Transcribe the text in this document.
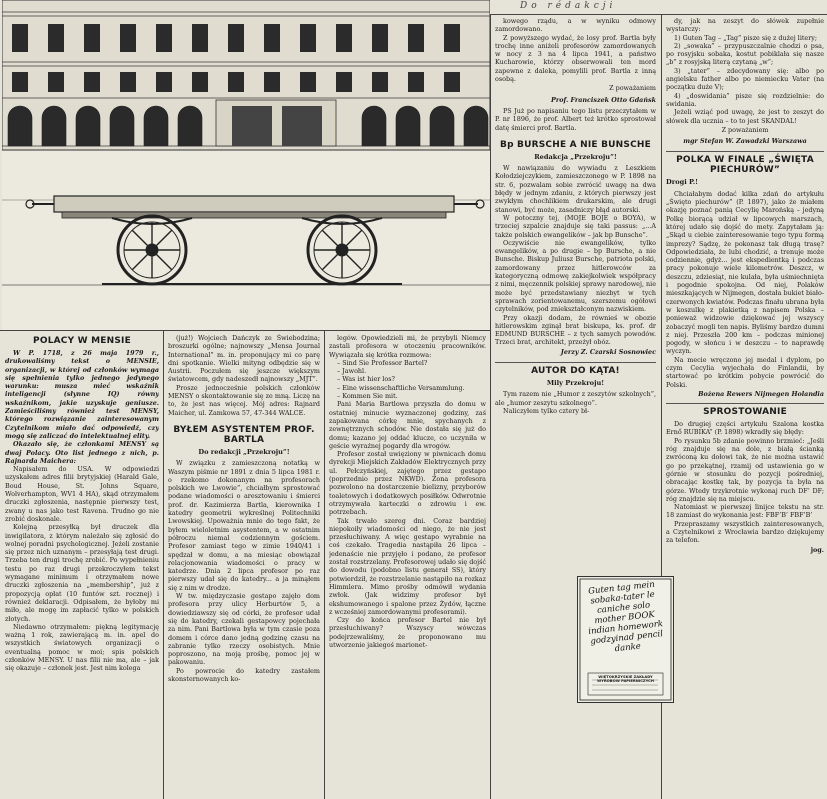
Do rédakcji
POLACY W MENSIE

W P. 1718, z 26 maja 1979 r., drukowaliśmy tekst o MENSIE, organizacji, w której od członków wymaga się spełnienia tylko jednego jedynego warunku: musza mieć wskaźnik inteligencji (słynne IQ) równy wskaźnikom, jakie uzyskuje geniusze. Zamieściliśmy również test MENSY, którego rozwiązanie zainteresowanym Czytelnikom miało dać odpowiedź, czy mogą się zaliczać do intelektualnej elity.

Okazało się, że członkami MENSY są dwaj Polacy. Oto list jednego z nich, p. Rajnarda Maichera:

Napisałem do USA. W odpowiedzi uzyskałem adres filii brytyjskiej (Harald Gale, Boud House, St. Johns Square, Wolverhampton, WV1 4 HA), skąd otrzymałem druczki zgłoszenia, następnie pierwszy test, zwany u nas jako test Ravena. Trudno go nie zrobić doskonale.

Kolejną przesyłką był druczek dla inwigilatora, z którym należało się zgłosić do wolnej poradni psychologicznej. Jeżeli zostanie się przez nich uznanym – przesyłają test drugi. Trzeba ten drugi trochę zrobić. Po wypełnieniu testu po raz drugi przekroczyłem tekst wymagane minimum i otrzymałem nowe druczki zgłoszenia na „membership”, już z propozycją opłat (10 funtów szt. rocznej) i również deklaracji. Odpisałem, że byłoby mi miło, ale mogę im zapłacić tylko w polskich złotych.

Niedawno otrzymałem: piękną legitymację ważną 1 rok, zawierającą m. in. apel do wszystkich światowych organizacji o eventualną pomoc w moi; spis polskich członków MENSY. U nas filii nie ma, ale – jak się okazuje – członek jest. Jest nim kolega

(już!) Wojciech Dańczyk ze Świebodzina; broszurki ogólne; najnowszy „Mensa Journal International” m. in. proponujący mi co parę dni spotkanie. Wielki mityng odbędzie się w Austrii. Poczułem się jeszcze większym światowcem, gdy nadeszedł najnowszy „MJT”.

Prosze jednocześnie polskich członków MENSY o skontaktowanie się ze mną. Liczę na to, że jest nas więcej. Mój adres: Rajnard Maicher, ul. Zamkowa 57, 47-344 WALCE.

BYŁEM ASYSTENTEM PROF. BARTLA
Do redakcji „Przekroju”!

W związku z zamieszczoną notatką w Waszym piśmie nr 1891 z dnia 5 lipca 1981 r. o rzekomo dokonanym na profesorach polskich we Lwowie”, chciałbym sprostować podane wiadomości o aresztowaniu i śmierci prof. dr. Kazimierza Bartla, kierownika I katedry geometrii wykreślnej Politechniki Lwowskiej. Upoważnia mnie do tego fakt, że byłem wieloletnim asystentem, a w ostatnim półroczu niemal codziennym gościem. Profesor zamiast tego w zimie 1940/41 i spędzał w domu, a na miesiąc obowiązał relacjonowania wiadomości o pracy w katedrze. Dnia 2 lipca profesor po raz pierwszy udał się do katedry... a ja minąłem się z nim w drodze.

W tw. międzyczasie gestapo zajęło dom profesora przy ulicy Herburtów 5, a dowiedziawszy się od córki, że profesor udał się do katedry, czekali gestapowcy pojechała za nim. Pani Bartlowa była w tym czasie poza domem i córce dano jedną godzinę czasu na zabranie tylko rzeczy osobistych. Mnie poproszono, na moją prośbę, pomoc jej w pakowaniu.

Po powrocie do katedry zastałem skonsternowanych ko-

legów. Opowiedzieli mi, że przybyli Niemcy zastali profesora w otoczeniu pracowników. Wywiązała się krótka rozmowa:

– Sind Sie Professor Bartel?

– Jawohl.

– Was ist hier los?

– Eine wissenschaftliche Versammlung.

– Kommen Sie mit.

Pani Maria Bartlowa przyszła do domu w ostatniej minucie wyznaczonej godziny, zaś zapakowana córkę mnie, spychanych z zewnętrznych schodów. Nie dostała się już do domu; kazano jej oddać klucze, co uczyniła w geście wyraźnej pogardy dla wrogów.

Profesor został uwięziony w piwnicach domu dyrekcji Miejskich Zakładów Elektrycznych przy ul. Pełczyńskiej, zajętego przez gestapo (poprzednio przez NKWD). Żona profesora pozwolono na dostarczenie bielizny, przyborów toaletowych i dodatkowych posiłków. Odwrotnie otrzymywała karteczki o zdrowiu i ew. potrzebach.

Tak trwało szereg dni. Coraz bardziej niepokoiły wiadomości od niego, że nie jest przesłuchiwany. A więc gestapo wyrabnie na coś czekało. Tragedia nastąpiła 26 lipca – jedenaście nie przyjęło i podano, że profesor został rozstrzelany. Profesorowej udało się dojść do dowodu (podobno listu generał SS), który potwierdził, że rozstrzelanie nastąpiło na rozkaz Himmlera. Mimo prośby odmówił wydania zwłok. (Jak widzimy profesor był ekshumowanego i spalone przez Żydów, łączne z wcześniej zamordowanymi profesorami).

Czy do końca profesor Bartel nie był przesłuchiwany? Wszyscy wówczas podejrzewaliśmy, że proponowano mu utworzenie jakiegoś marionet-

kowego rządu, a w wyniku odmowy zamordowano.

Z powyższego wydać, że losy prof. Bartla były trochę inne aniżeli profesorów zamordowanych w nocy z 3 na 4 lipca 1941, a państwo Kucharowie, którzy obserwowali ten mord zapewne z daleka, pomylili prof. Bartla z inną osobą.

Z poważaniem
Prof. Franciszek Otto Gdańsk

PS Już po napisaniu tego listu przeczytałem w P. nr 1896, że prof. Albert też krótko sprostował datę śmierci prof. Bartla.

Bp BURSCHE A NIE BUNSCHE
Redakcja „Przekroju”!

W nawiązaniu do wywiadu z Leszkiem Kołodziejczykiem, zamieszczonego w P. 1898 na str. 6, pozwalam sobie zwrócić uwagę na dwa błędy w jednym zdaniu, z których pierwszy jest zwykłym chochlikiem drukarskim, ale drugi stanowi, być może, zasadniczy błąd autorski.

W potoczny tej, (MOJE BOJE o BOYA), w trzeciej szpalcie znajduje się taki passus: „...A także polskich ewangelików – jak bp Bunsche”.

Oczywiście nie ewangelików, tylko ewangelików, a po drugie – bp Bursche, a nie Bunsche. Biskup Juliusz Bursche, patriota polski, zamordowany przez hitlerowców za kategoryczną odmowę zakiejkolwiek współpracy z nimi, męczennik polskiej sprawy narodowej, nie może być przedstawiany niezbyt w tych sprawach zorientowanemu, szerszemu ogółowi czytelników, pod zniekształconym nazwiskiem.

Przy okazji dodam, że równieś w obozie hitlerowskim zginął brat biskupa, ks. prof. dr EDMUND BURSCHE – z tych samych powodów. Trzeci brat, architekt, przeżył obóz.

Jerzy Z. Czarski Sosnowiec
AUTOR DO KĄTA!
Mily Przekroju!

Tym razem nie „Humor z zeszytów szkolnych”, ale „humor zeszytu szkolnego”.

Naliczyłem tylko cztery bł-

Guten tag mein sobaka-tater le caniche solo mother BOOK indian homework godzyinad pencil danke
WIĘTOKRZYSKIE ZAKŁADY WYROBÓW PAPIERNICZYCH

dy, jak na zeszyt do słówek zupełnie wystarczy:

1) Guten Tag – „Tag” pisze się z dużej litery;

2) „sowaka” – przypuszczalnie chodzi o psa, po rosyjsku sobaka, kostut pobiklała się nasze „b” z rosyjską literą czytaną „w”;

3) „tater” – zdecydowany się: albo po angielsku father albo po niemiecku Vater (na początku duże V);

4) „doswidania” pisze się rozdzielnie: do swidania.

Jeżeli wziąć pod uwagę, że jest to zeszyt do słówek dla ucznia – to to jest SKANDAL!

Z poważaniem
mgr Stefan W. Zawadzki Warszawa
POLKA W FINALE „ŚWIĘTA PIECHURÓW”
Drogi P.!

Chciałabym dodać kilka zdań do artykułu „Święto piechurów” (P. 1897), jako że miałem okazję poznać panią Cecylię Marońską – jedyną Polkę biorącą udział w lipcowych marszach, której udało się dojść do mety. Zapytałam ją: „Skąd u ciebie zainteresowanie tego typu formą imprezy? Sądzę, że pokonasz tak długą trasę? Odpowiedziała, że lubi chodzić, a trenuje może codziennie, gdyż... jest ekspedientką i podczas pracy pokonuje wiele kilometrów. Deszcz, w deszczu, zdziesiąt, nie kulała, była uśmiechnięta i pogodnie spokojna. Od niej, Polaków mieszkających w Nijmegen, dostała bukiet biało-czerwonych kwiatów. Podczas finału ubrana była w koszulkę z plakietką z napisem Polska – ponieważ widzowie dziękować jej wszyscy zobaczyć mogli ten napis. Byliśmy bardzo dumni z niej. Przeszła 200 km – podczas minionej pogody, w słońcu i w deszczu – to naprawdę wyczyn.

Na mecie wręczono jej medal i dyplom, po czym Cecylia wyjechała do Finlandii, by startować po krótkim pobycie powrócić do Polski.

Bożena Rewers Nijmegen Holandia
SPROSTOWANIE

Do drugiej części artykułu Szalona kostka Ernő RUBIKA” (P. 1898) wkradły się błędy:

Po rysunku 5b zdanie powinno brzmieć: „Jeśli róg znajduje się na dole, z białą ścianką zwróconą ku dołowi tak, że nie można ustawić go po przekątnej, rzamij od ustawienia go w górnie w stosunku do pozycji pośredniej, obracając kostkę tak, by pozycja ta była na górze. Wtedy trzykrotnie wykonaj ruch DF’ DF; róg znajdzie się na miejscu.

Natomiast w pierwszej linijce tekstu na str. 18 zamiast do wykonania jest: FBF’B’ FBF’B’

Przepraszamy wszystkich zainteresowanych, a Czytelnikowi z Wrocławia bardzo dziękujemy za telefon.

jog.
